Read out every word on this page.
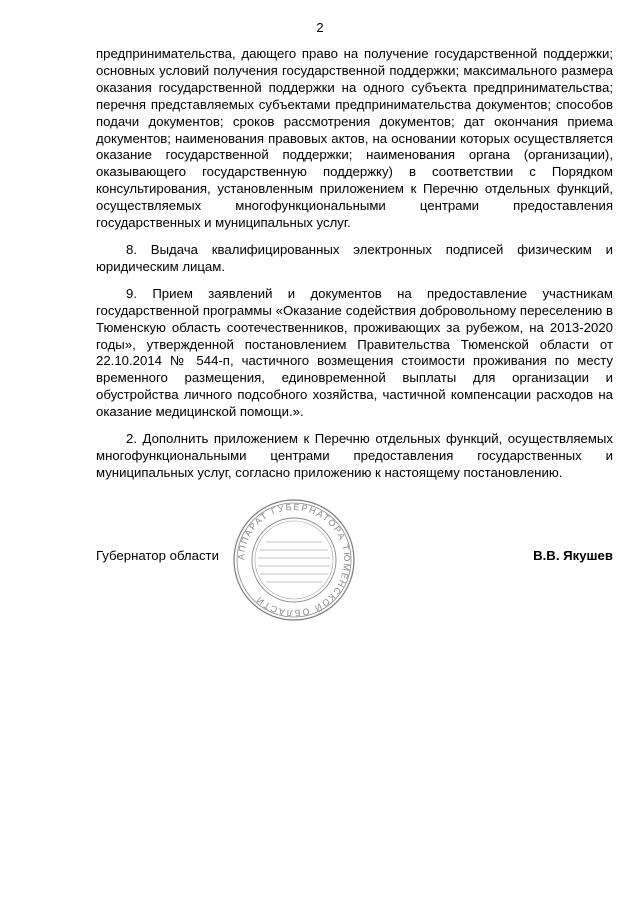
2

предпринимательства, дающего право на получение государственной поддержки; основных условий получения государственной поддержки; максимального размера оказания государственной поддержки на одного субъекта предпринимательства; перечня представляемых субъектами предпринимательства документов; способов подачи документов; сроков рассмотрения документов; дат окончания приема документов; наименования правовых актов, на основании которых осуществляется оказание государственной поддержки; наименования органа (организации), оказывающего государственную поддержку) в соответствии с Порядком консультирования, установленным приложением к Перечню отдельных функций, осуществляемых многофункциональными центрами предоставления государственных и муниципальных услуг.

8. Выдача квалифицированных электронных подписей физическим и юридическим лицам.

9. Прием заявлений и документов на предоставление участникам государственной программы «Оказание содействия добровольному переселению в Тюменскую область соотечественников, проживающих за рубежом, на 2013-2020 годы», утвержденной постановлением Правительства Тюменской области от 22.10.2014 № 544-п, частичного возмещения стоимости проживания по месту временного размещения, единовременной выплаты для организации и обустройства личного подсобного хозяйства, частичной компенсации расходов на оказание медицинской помощи.».

2. Дополнить приложением к Перечню отдельных функций, осуществляемых многофункциональными центрами предоставления государственных и муниципальных услуг, согласно приложению к настоящему постановлению.

Губернатор области	В.В. Якушев
АППАРАТ ГУБЕРНАТОРА ТЮМЕНСКОЙ ОБЛАСТИ
